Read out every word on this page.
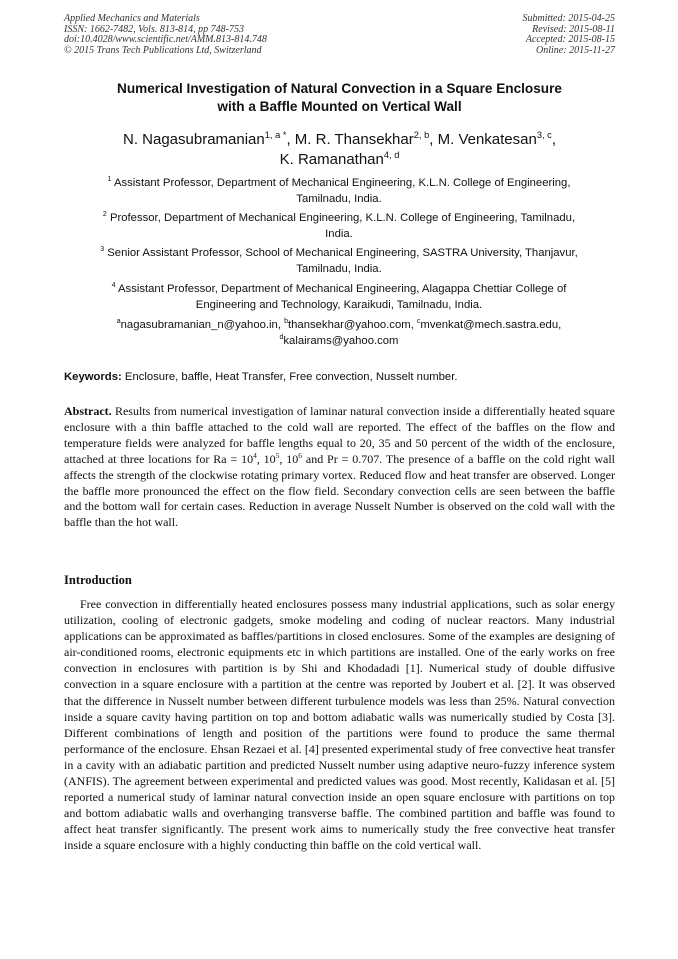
Applied Mechanics and Materials
ISSN: 1662-7482, Vols. 813-814, pp 748-753
doi:10.4028/www.scientific.net/AMM.813-814.748
© 2015 Trans Tech Publications Ltd, Switzerland
Submitted: 2015-04-25
Revised: 2015-08-11
Accepted: 2015-08-15
Online: 2015-11-27
Numerical Investigation of Natural Convection in a Square Enclosure
with a Baffle Mounted on Vertical Wall
N. Nagasubramanian$^{1, a *}$, M. R. Thansekhar$^{2, b}$, M. Venkatesan$^{3, c}$,
K. Ramanathan$^{4, d}$
$^1$ Assistant Professor, Department of Mechanical Engineering, K.L.N. College of Engineering,
Tamilnadu, India.
$^2$ Professor, Department of Mechanical Engineering, K.L.N. College of Engineering, Tamilnadu,
India.
$^3$ Senior Assistant Professor, School of Mechanical Engineering, SASTRA University, Thanjavur,
Tamilnadu, India.
$^4$ Assistant Professor, Department of Mechanical Engineering, Alagappa Chettiar College of
Engineering and Technology, Karaikudi, Tamilnadu, India.
$^a$nagasubramanian_n@yahoo.in, $^b$thansekhar@yahoo.com, $^c$mvenkat@mech.sastra.edu,
$^d$kalairams@yahoo.com
Keywords: Enclosure, baffle, Heat Transfer, Free convection, Nusselt number.
Abstract. Results from numerical investigation of laminar natural convection inside a differentially heated square enclosure with a thin baffle attached to the cold wall are reported. The effect of the baffles on the flow and temperature fields were analyzed for baffle lengths equal to 20, 35 and 50 percent of the width of the enclosure, attached at three locations for $Ra = 10^4$, $10^5$, $10^6$ and Pr = 0.707. The presence of a baffle on the cold right wall affects the strength of the clockwise rotating primary vortex. Reduced flow and heat transfer are observed. Longer the baffle more pronounced the effect on the flow field. Secondary convection cells are seen between the baffle and the bottom wall for certain cases. Reduction in average Nusselt Number is observed on the cold wall with the baffle than the hot wall.
Introduction
Free convection in differentially heated enclosures possess many industrial applications, such as solar energy utilization, cooling of electronic gadgets, smoke modeling and coding of nuclear reactors. Many industrial applications can be approximated as baffles/partitions in closed enclosures. Some of the examples are designing of air-conditioned rooms, electronic equipments etc in which partitions are installed. One of the early works on free convection in enclosures with partition is by Shi and Khodadadi [1]. Numerical study of double diffusive convection in a square enclosure with a partition at the centre was reported by Joubert et al. [2]. It was observed that the difference in Nusselt number between different turbulence models was less than 25%. Natural convection inside a square cavity having partition on top and bottom adiabatic walls was numerically studied by Costa [3]. Different combinations of length and position of the partitions were found to produce the same thermal performance of the enclosure. Ehsan Rezaei et al. [4] presented experimental study of free convective heat transfer in a cavity with an adiabatic partition and predicted Nusselt number using adaptive neuro-fuzzy inference system (ANFIS). The agreement between experimental and predicted values was good. Most recently, Kalidasan et al. [5] reported a numerical study of laminar natural convection inside an open square enclosure with partitions on top and bottom adiabatic walls and overhanging transverse baffle. The combined partition and baffle was found to affect heat transfer significantly. The present work aims to numerically study the free convective heat transfer inside a square enclosure with a highly conducting thin baffle on the cold vertical wall.
